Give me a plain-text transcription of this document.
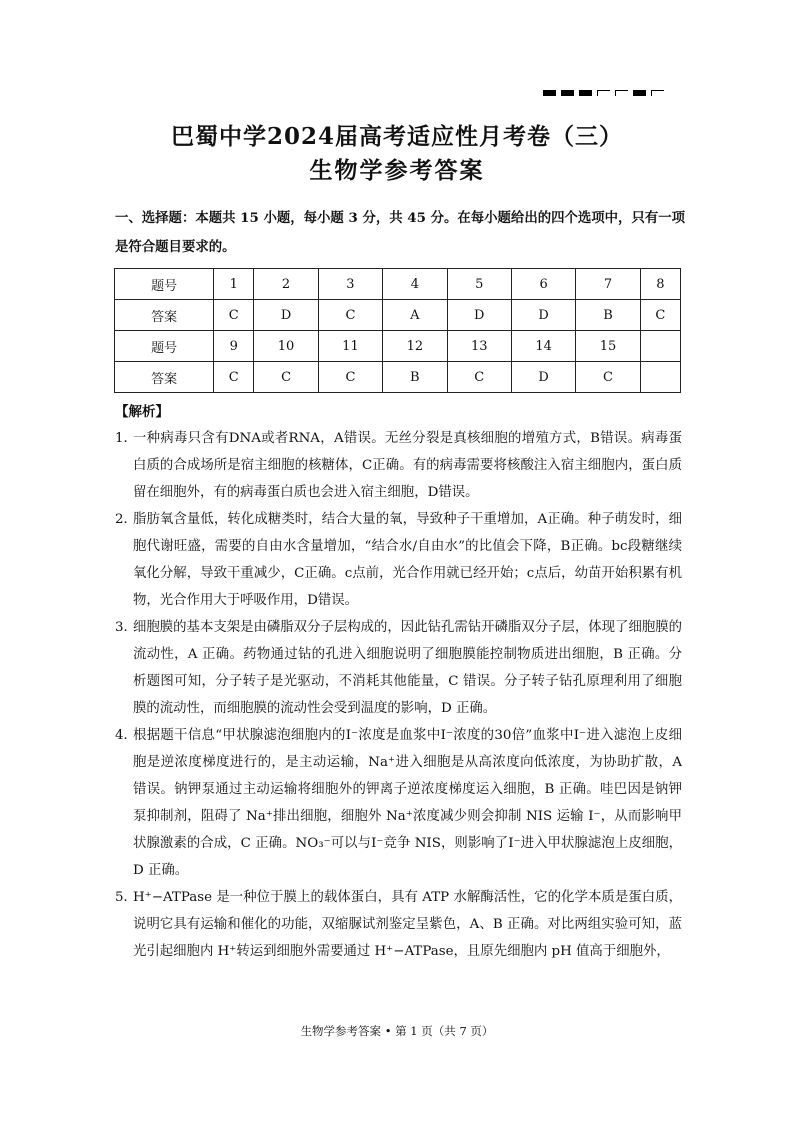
巴蜀中学2024届高考适应性月考卷（三）
生物学参考答案
一、选择题：本题共 15 小题，每小题 3 分，共 45 分。在每小题给出的四个选项中，只有一项是符合题目要求的。
题号	1	2	3	4	5	6	7	8
答案	C	D	C	A	D	D	B	C
题号	9	10	11	12	13	14	15	
答案	C	C	C	B	C	D	C	
【解析】
1．
一种病毒只含有DNA或者RNA，A错误。无丝分裂是真核细胞的增殖方式，B错误。病毒蛋白质的合成场所是宿主细胞的核糖体，C正确。有的病毒需要将核酸注入宿主细胞内，蛋白质留在细胞外，有的病毒蛋白质也会进入宿主细胞，D错误。
2．
脂肪氧含量低，转化成糖类时，结合大量的氧，导致种子干重增加，A正确。种子萌发时，细胞代谢旺盛，需要的自由水含量增加，“结合水/自由水”的比值会下降，B正确。bc段糖继续氧化分解，导致干重减少，C正确。c点前，光合作用就已经开始；c点后，幼苗开始积累有机物，光合作用大于呼吸作用，D错误。
3．
细胞膜的基本支架是由磷脂双分子层构成的，因此钻孔需钻开磷脂双分子层，体现了细胞膜的流动性，A 正确。药物通过钻的孔进入细胞说明了细胞膜能控制物质进出细胞，B 正确。分析题图可知，分子转子是光驱动，不消耗其他能量，C 错误。分子转子钻孔原理利用了细胞膜的流动性，而细胞膜的流动性会受到温度的影响，D 正确。
4．
根据题干信息“甲状腺滤泡细胞内的I⁻浓度是血浆中I⁻浓度的30倍”血浆中I⁻进入滤泡上皮细胞是逆浓度梯度进行的，是主动运输，Na⁺进入细胞是从高浓度向低浓度，为协助扩散，A 错误。钠钾泵通过主动运输将细胞外的钾离子逆浓度梯度运入细胞，B 正确。哇巴因是钠钾泵抑制剂，阻碍了 Na⁺排出细胞，细胞外 Na⁺浓度减少则会抑制 NIS 运输 I⁻，从而影响甲状腺激素的合成，C 正确。NO₃⁻可以与I⁻竞争 NIS，则影响了I⁻进入甲状腺滤泡上皮细胞，D 正确。
5．
H⁺−ATPase 是一种位于膜上的载体蛋白，具有 ATP 水解酶活性，它的化学本质是蛋白质，说明它具有运输和催化的功能，双缩脲试剂鉴定呈紫色，A、B 正确。对比两组实验可知，蓝光引起细胞内 H⁺转运到细胞外需要通过 H⁺−ATPase，且原先细胞内 pH 值高于细胞外，
生物学参考答案 • 第 1 页（共 7 页）
